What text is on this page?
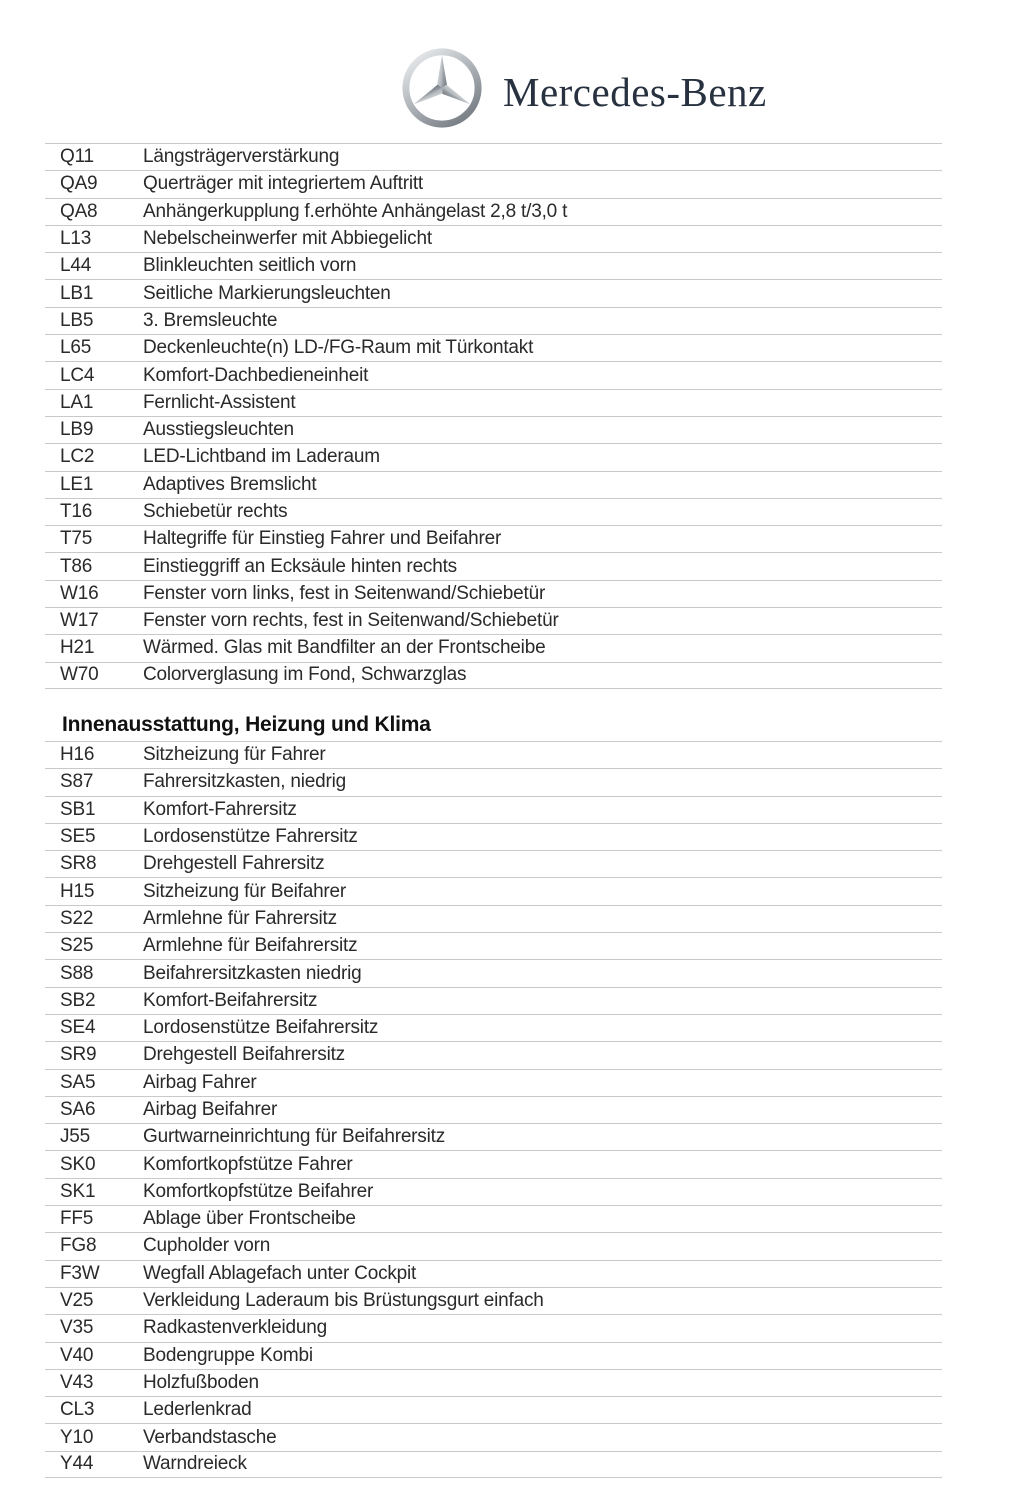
Mercedes-Benz
Q11	Längsträgerverstärkung
QA9	Querträger mit integriertem Auftritt
QA8	Anhängerkupplung f.erhöhte Anhängelast 2,8 t/3,0 t
L13	Nebelscheinwerfer mit Abbiegelicht
L44	Blinkleuchten seitlich vorn
LB1	Seitliche Markierungsleuchten
LB5	3. Bremsleuchte
L65	Deckenleuchte(n) LD-/FG-Raum mit Türkontakt
LC4	Komfort-Dachbedieneinheit
LA1	Fernlicht-Assistent
LB9	Ausstiegsleuchten
LC2	LED-Lichtband im Laderaum
LE1	Adaptives Bremslicht
T16	Schiebetür rechts
T75	Haltegriffe für Einstieg Fahrer und Beifahrer
T86	Einstieggriff an Ecksäule hinten rechts
W16	Fenster vorn links, fest in Seitenwand/Schiebetür
W17	Fenster vorn rechts, fest in Seitenwand/Schiebetür
H21	Wärmed. Glas mit Bandfilter an der Frontscheibe
W70	Colorverglasung im Fond, Schwarzglas
Innenausstattung, Heizung und Klima
H16	Sitzheizung für Fahrer
S87	Fahrersitzkasten, niedrig
SB1	Komfort-Fahrersitz
SE5	Lordosenstütze Fahrersitz
SR8	Drehgestell Fahrersitz
H15	Sitzheizung für Beifahrer
S22	Armlehne für Fahrersitz
S25	Armlehne für Beifahrersitz
S88	Beifahrersitzkasten niedrig
SB2	Komfort-Beifahrersitz
SE4	Lordosenstütze Beifahrersitz
SR9	Drehgestell Beifahrersitz
SA5	Airbag Fahrer
SA6	Airbag Beifahrer
J55	Gurtwarneinrichtung für Beifahrersitz
SK0	Komfortkopfstütze Fahrer
SK1	Komfortkopfstütze Beifahrer
FF5	Ablage über Frontscheibe
FG8	Cupholder vorn
F3W	Wegfall Ablagefach unter Cockpit
V25	Verkleidung Laderaum bis Brüstungsgurt einfach
V35	Radkastenverkleidung
V40	Bodengruppe Kombi
V43	Holzfußboden
CL3	Lederlenkrad
Y10	Verbandstasche
Y44	Warndreieck
